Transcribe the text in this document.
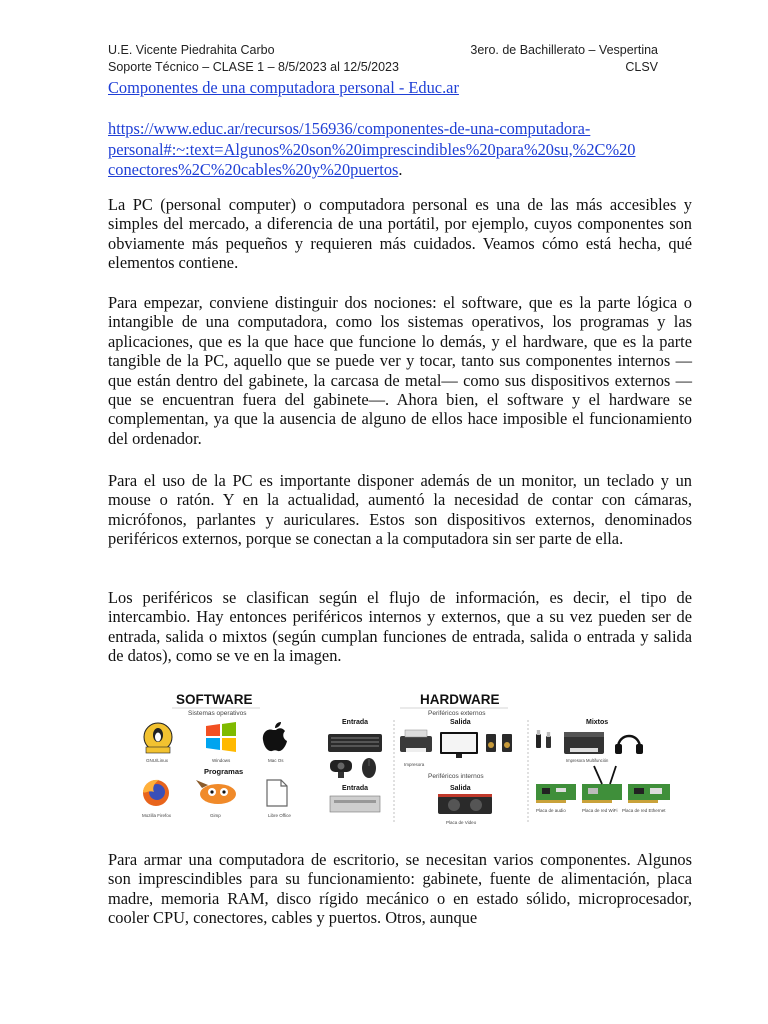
U.E. Vicente Piedrahita Carbo	3ero. de Bachillerato – Vespertina
Soporte Técnico – CLASE 1 – 8/5/2023 al 12/5/2023	CLSV
Componentes de una computadora personal - Educ.ar
https://www.educ.ar/recursos/156936/componentes-de-una-computadora-
personal#:~:text=Algunos%20son%20imprescindibles%20para%20su,%2C%20
conectores%2C%20cables%20y%20puertos.

La PC (personal computer) o computadora personal es una de las más accesibles y simples del mercado, a diferencia de una portátil, por ejemplo, cuyos componentes son obviamente más pequeños y requieren más cuidados. Veamos cómo está hecha, qué elementos contiene.

Para empezar, conviene distinguir dos nociones: el software, que es la parte lógica o intangible de una computadora, como los sistemas operativos, los programas y las aplicaciones, que es la que hace que funcione lo demás, y el hardware, que es la parte tangible de la PC, aquello que se puede ver y tocar, tanto sus componentes internos —que están dentro del gabinete, la carcasa de metal— como sus dispositivos externos —que se encuentran fuera del gabinete—. Ahora bien, el software y el hardware se complementan, ya que la ausencia de alguno de ellos hace imposible el funcionamiento del ordenador.

Para el uso de la PC es importante disponer además de un monitor, un teclado y un mouse o ratón. Y en la actualidad, aumentó la necesidad de contar con cámaras, micrófonos, parlantes y auriculares. Estos son dispositivos externos, denominados periféricos externos, porque se conectan a la computadora sin ser parte de ella.

Los periféricos se clasifican según el flujo de información, es decir, el tipo de intercambio. Hay entonces periféricos internos y externos, que a su vez pueden ser de entrada, salida o mixtos (según cumplan funciones de entrada, salida o entrada y salida de datos), como se ve en la imagen.

SOFTWARE
Sistemas operativos
GNU/Linux	Windows	Mac Os
Programas
Mozilla Firefox	Gimp	Libre Office
HARDWARE
Periféricos externos
Entrada	Salida	Mixtos
Impresora
Periféricos internos
Entrada	Salida
Placa de Video
Impresora Multifunción
Placa de audio	Placa de red WiFi Placa de red Ethernet

Para armar una computadora de escritorio, se necesitan varios componentes. Algunos son imprescindibles para su funcionamiento: gabinete, fuente de alimentación, placa madre, memoria RAM, disco rígido mecánico o en estado sólido, microprocesador, cooler CPU, conectores, cables y puertos. Otros, aunque
